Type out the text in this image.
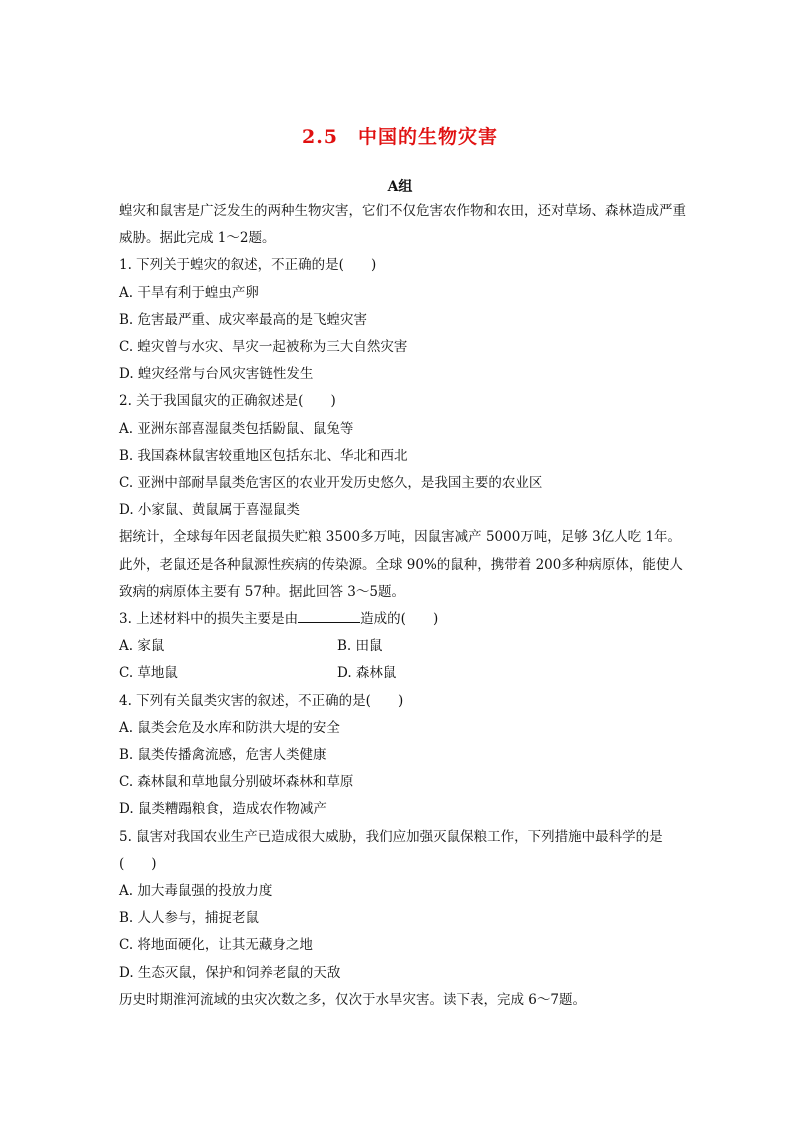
2.5　中国的生物灾害
A组

蝗灾和鼠害是广泛发生的两种生物灾害，它们不仅危害农作物和农田，还对草场、森林造成严重威胁。据此完成 1～2题。

1. 下列关于蝗灾的叙述，不正确的是(　　)

A. 干旱有利于蝗虫产卵

B. 危害最严重、成灾率最高的是飞蝗灾害

C. 蝗灾曾与水灾、旱灾一起被称为三大自然灾害

D. 蝗灾经常与台风灾害链性发生

2. 关于我国鼠灾的正确叙述是(　　)

A. 亚洲东部喜湿鼠类包括鼢鼠、鼠兔等

B. 我国森林鼠害较重地区包括东北、华北和西北

C. 亚洲中部耐旱鼠类危害区的农业开发历史悠久，是我国主要的农业区

D. 小家鼠、黄鼠属于喜湿鼠类

据统计，全球每年因老鼠损失贮粮 3500多万吨，因鼠害减产 5000万吨，足够 3亿人吃 1年。此外，老鼠还是各种鼠源性疾病的传染源。全球 90%的鼠种，携带着 200多种病原体，能使人致病的病原体主要有 57种。据此回答 3～5题。

3. 上述材料中的损失主要是由	造成的(　　)

A. 家鼠	B. 田鼠
C. 草地鼠	D. 森林鼠

4. 下列有关鼠类灾害的叙述，不正确的是(　　)

A. 鼠类会危及水库和防洪大堤的安全

B. 鼠类传播禽流感，危害人类健康

C. 森林鼠和草地鼠分别破坏森林和草原

D. 鼠类糟蹋粮食，造成农作物减产

5. 鼠害对我国农业生产已造成很大威胁，我们应加强灭鼠保粮工作，下列措施中最科学的是(　　)

A. 加大毒鼠强的投放力度

B. 人人参与，捕捉老鼠

C. 将地面硬化，让其无藏身之地

D. 生态灭鼠，保护和饲养老鼠的天敌

历史时期淮河流域的虫灾次数之多，仅次于水旱灾害。读下表，完成 6～7题。
